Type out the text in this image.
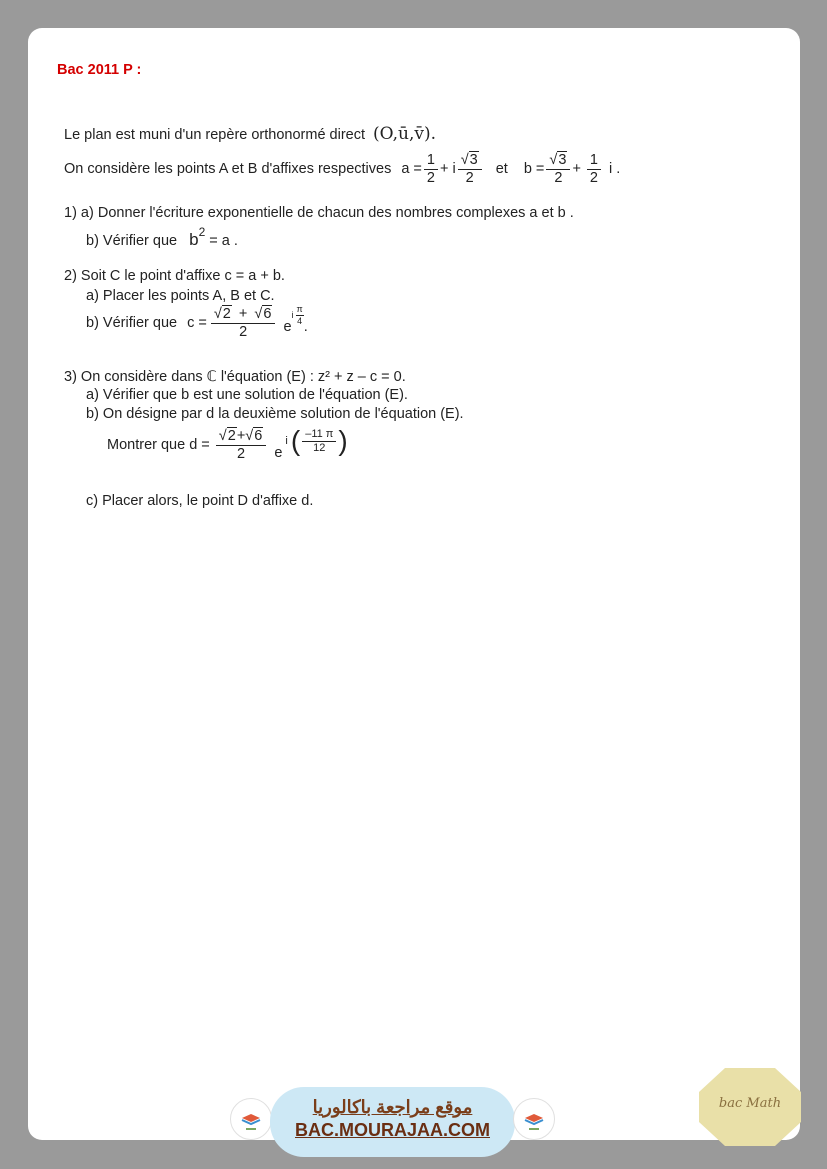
Bac 2011 P :
Le plan est muni d'un repère orthonormé direct (O,ū,v̄).
On considère les points A et B d'affixes respectives $a = \frac{1}{2} + i \frac{√3}{2}$ et $b = \frac{√3}{2} + \frac{1}{2}$ i .
1) a) Donner l'écriture exponentielle de chacun des nombres complexes a et b .
b) Vérifier que $b^2 = a$ .
2) Soit C le point d'affixe c = a + b.
a) Placer les points A, B et C.
b) Vérifier que $c = \frac{√2 + √6}{2}$ e
i $\frac{\pi}{4}$
.
3) On considère dans ℂ l'équation (E) : z² + z – c = 0.
a) Vérifier que b est une solution de l'équation (E).
b) On désigne par d la deuxième solution de l'équation (E).
Montrer que $d = \frac{√2+√6}{2}$ e
i ( $\frac{-11 \pi}{12}$ )
c) Placer alors, le point D d'affixe d.
موقع مراجعة باكالوريا
BAC.MOURAJAA.COM
bac Math
